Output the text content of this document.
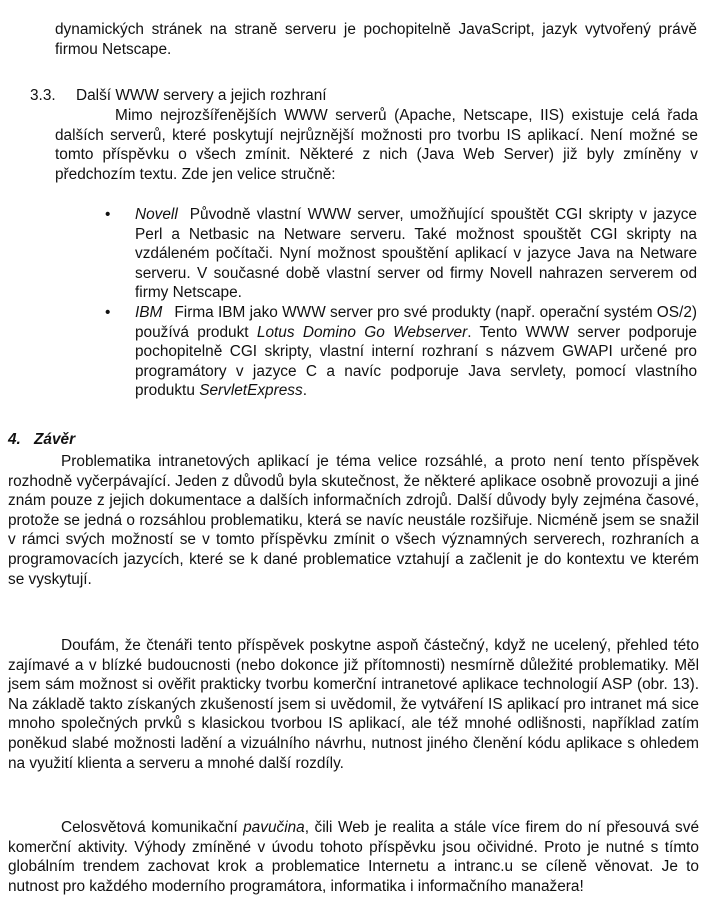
dynamických stránek na straně serveru je pochopitelně JavaScript, jazyk vytvořený právě firmou Netscape.

3.3. Další WWW servery a jejich rozhraní

Mimo nejrozšířenějších WWW serverů (Apache, Netscape, IIS) existuje celá řada dalších serverů, které poskytují nejrůznější možnosti pro tvorbu IS aplikací. Není možné se tomto příspěvku o všech zmínit. Některé z nich (Java Web Server) již byly zmíněny v předchozím textu. Zde jen velice stručně:

• Novell Původně vlastní WWW server, umožňující spouštět CGI skripty v jazyce Perl a Netbasic na Netware serveru. Také možnost spouštět CGI skripty na vzdáleném počítači. Nyní možnost spouštění aplikací v jazyce Java na Netware serveru. V současné době vlastní server od firmy Novell nahrazen serverem od firmy Netscape.
• IBM Firma IBM jako WWW server pro své produkty (např. operační systém OS/2) používá produkt Lotus Domino Go Webserver. Tento WWW server podporuje pochopitelně CGI skripty, vlastní interní rozhraní s názvem GWAPI určené pro programátory v jazyce C a navíc podporuje Java servlety, pomocí vlastního produktu ServletExpress.
4. Závěr

Problematika intranetových aplikací je téma velice rozsáhlé, a proto není tento příspěvek rozhodně vyčerpávající. Jeden z důvodů byla skutečnost, že některé aplikace osobně provozuji a jiné znám pouze z jejich dokumentace a dalších informačních zdrojů. Další důvody byly zejména časové, protože se jedná o rozsáhlou problematiku, která se navíc neustále rozšiřuje. Nicméně jsem se snažil v rámci svých možností se v tomto příspěvku zmínit o všech významných serverech, rozhraních a programovacích jazycích, které se k dané problematice vztahují a začlenit je do kontextu ve kterém se vyskytují.

Doufám, že čtenáři tento příspěvek poskytne aspoň částečný, když ne ucelený, přehled této zajímavé a v blízké budoucnosti (nebo dokonce již přítomnosti) nesmírně důležité problematiky. Měl jsem sám možnost si ověřit prakticky tvorbu komerční intranetové aplikace technologií ASP (obr. 13). Na základě takto získaných zkušeností jsem si uvědomil, že vytváření IS aplikací pro intranet má sice mnoho společných prvků s klasickou tvorbou IS aplikací, ale též mnohé odlišnosti, například zatím poněkud slabé možnosti ladění a vizuálního návrhu, nutnost jiného členění kódu aplikace s ohledem na využití klienta a serveru a mnohé další rozdíly.

Celosvětová komunikační pavučina, čili Web je realita a stále více firem do ní přesouvá své komerční aktivity. Výhody zmíněné v úvodu tohoto příspěvku jsou očividné. Proto je nutné s tímto globálním trendem zachovat krok a problematice Internetu a intranc.u se cíleně věnovat. Je to nutnost pro každého moderního programátora, informatika i informačního manažera!
